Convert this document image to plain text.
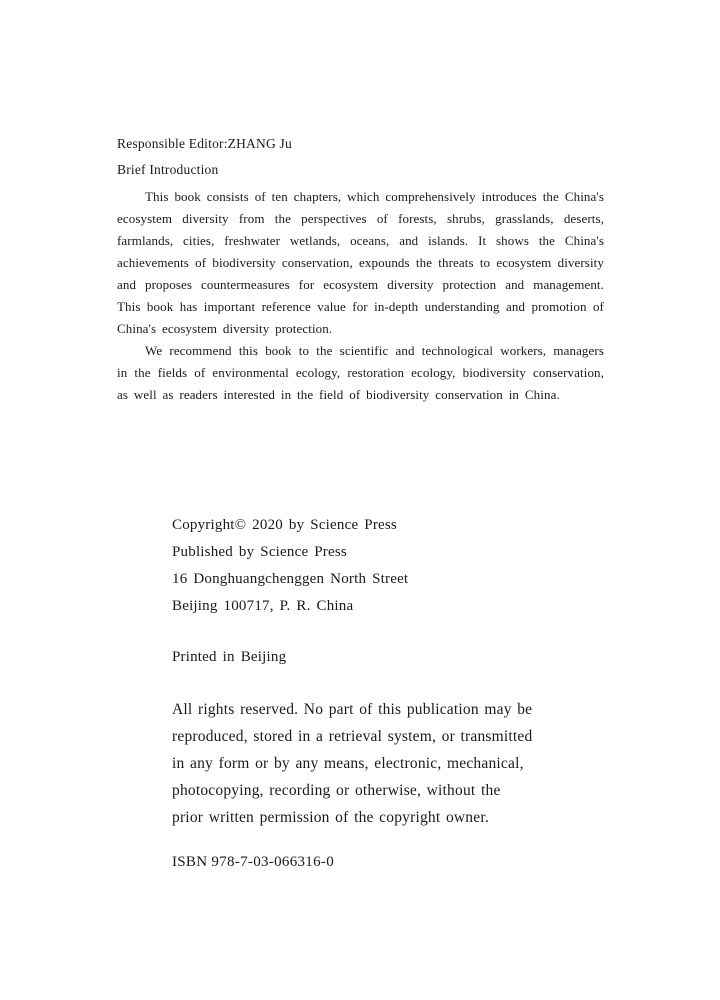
Responsible Editor:ZHANG Ju
Brief Introduction

This book consists of ten chapters, which comprehensively introduces the China's ecosystem diversity from the perspectives of forests, shrubs, grasslands, deserts, farmlands, cities, freshwater wetlands, oceans, and islands. It shows the China's achievements of biodiversity conservation, expounds the threats to ecosystem diversity and proposes countermeasures for ecosystem diversity protection and management. This book has important reference value for in-depth understanding and promotion of China's ecosystem diversity protection.

We recommend this book to the scientific and technological workers, managers in the fields of environmental ecology, restoration ecology, biodiversity conservation, as well as readers interested in the field of biodiversity conservation in China.

Copyright© 2020 by Science Press
Published by Science Press
16 Donghuangchenggen North Street
Beijing 100717, P. R. China
Printed in Beijing
All rights reserved. No part of this publication may be
reproduced, stored in a retrieval system, or transmitted
in any form or by any means, electronic, mechanical,
photocopying, recording or otherwise, without the
prior written permission of the copyright owner.
ISBN 978-7-03-066316-0
